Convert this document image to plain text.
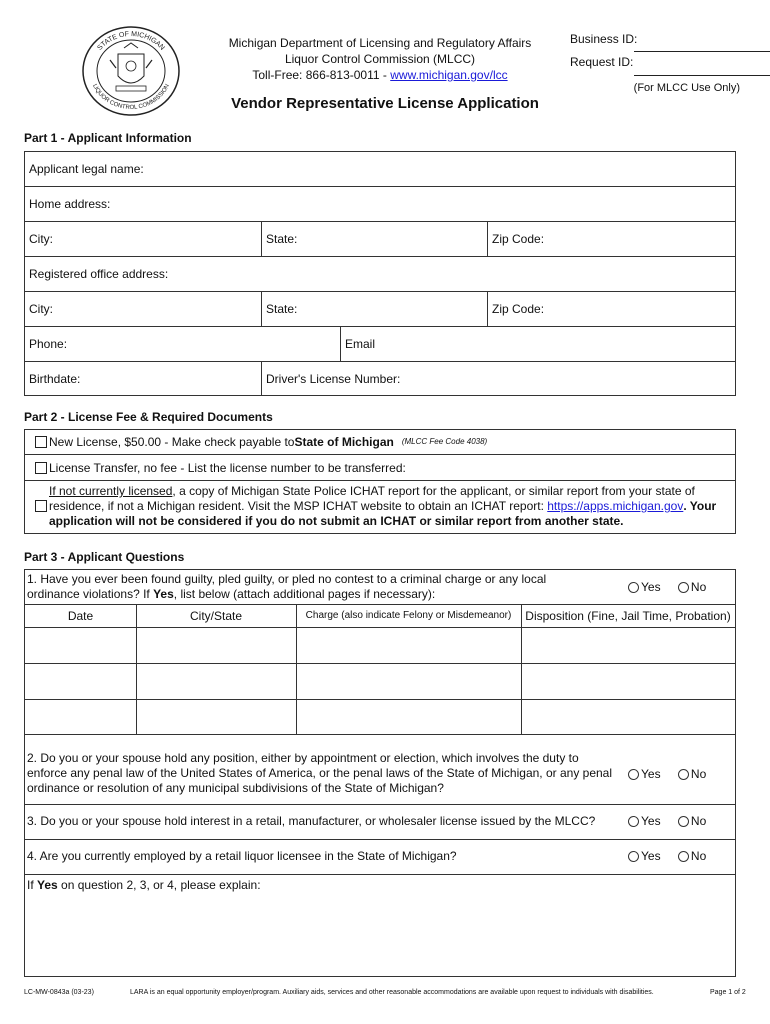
STATE OF MICHIGAN
LIQUOR CONTROL COMMISSION
Michigan Department of Licensing and Regulatory Affairs
Liquor Control Commission (MLCC)
Toll-Free: 866-813-0011 - www.michigan.gov/lcc
Vendor Representative License Application
Business ID:
Request ID:
(For MLCC Use Only)
Part 1 - Applicant Information
Applicant legal name:
Home address:
City:	State:	Zip Code:
Registered office address:
City:	State:	Zip Code:
Phone:	Email
Birthdate:	Driver's License Number:
Part 2 - License Fee & Required Documents
New License, $50.00 - Make check payable to State of Michigan (MLCC Fee Code 4038)
License Transfer, no fee - List the license number to be transferred:
If not currently licensed, a copy of Michigan State Police ICHAT report for the applicant, or similar report from your state of
residence, if not a Michigan resident. Visit the MSP ICHAT website to obtain an ICHAT report: https://apps.michigan.gov. Your
application will not be considered if you do not submit an ICHAT or similar report from another state.
Part 3 - Applicant Questions
1. Have you ever been found guilty, pled guilty, or pled no contest to a criminal charge or any local
ordinance violations? If Yes, list below (attach additional pages if necessary):	Yes	No
Date	City/State	Charge (also indicate Felony or Misdemeanor)	Disposition (Fine, Jail Time, Probation)
2. Do you or your spouse hold any position, either by appointment or election, which involves the duty to
enforce any penal law of the United States of America, or the penal laws of the State of Michigan, or any penal
ordinance or resolution of any municipal subdivisions of the State of Michigan?
Yes	No
3. Do you or your spouse hold interest in a retail, manufacturer, or wholesaler license issued by the MLCC?	Yes	No
4. Are you currently employed by a retail liquor licensee in the State of Michigan?	Yes	No
If Yes on question 2, 3, or 4, please explain:
LC-MW-0843a (03-23)	LARA is an equal opportunity employer/program. Auxiliary aids, services and other reasonable accommodations are available upon request to individuals with disabilities.	Page 1 of 2
